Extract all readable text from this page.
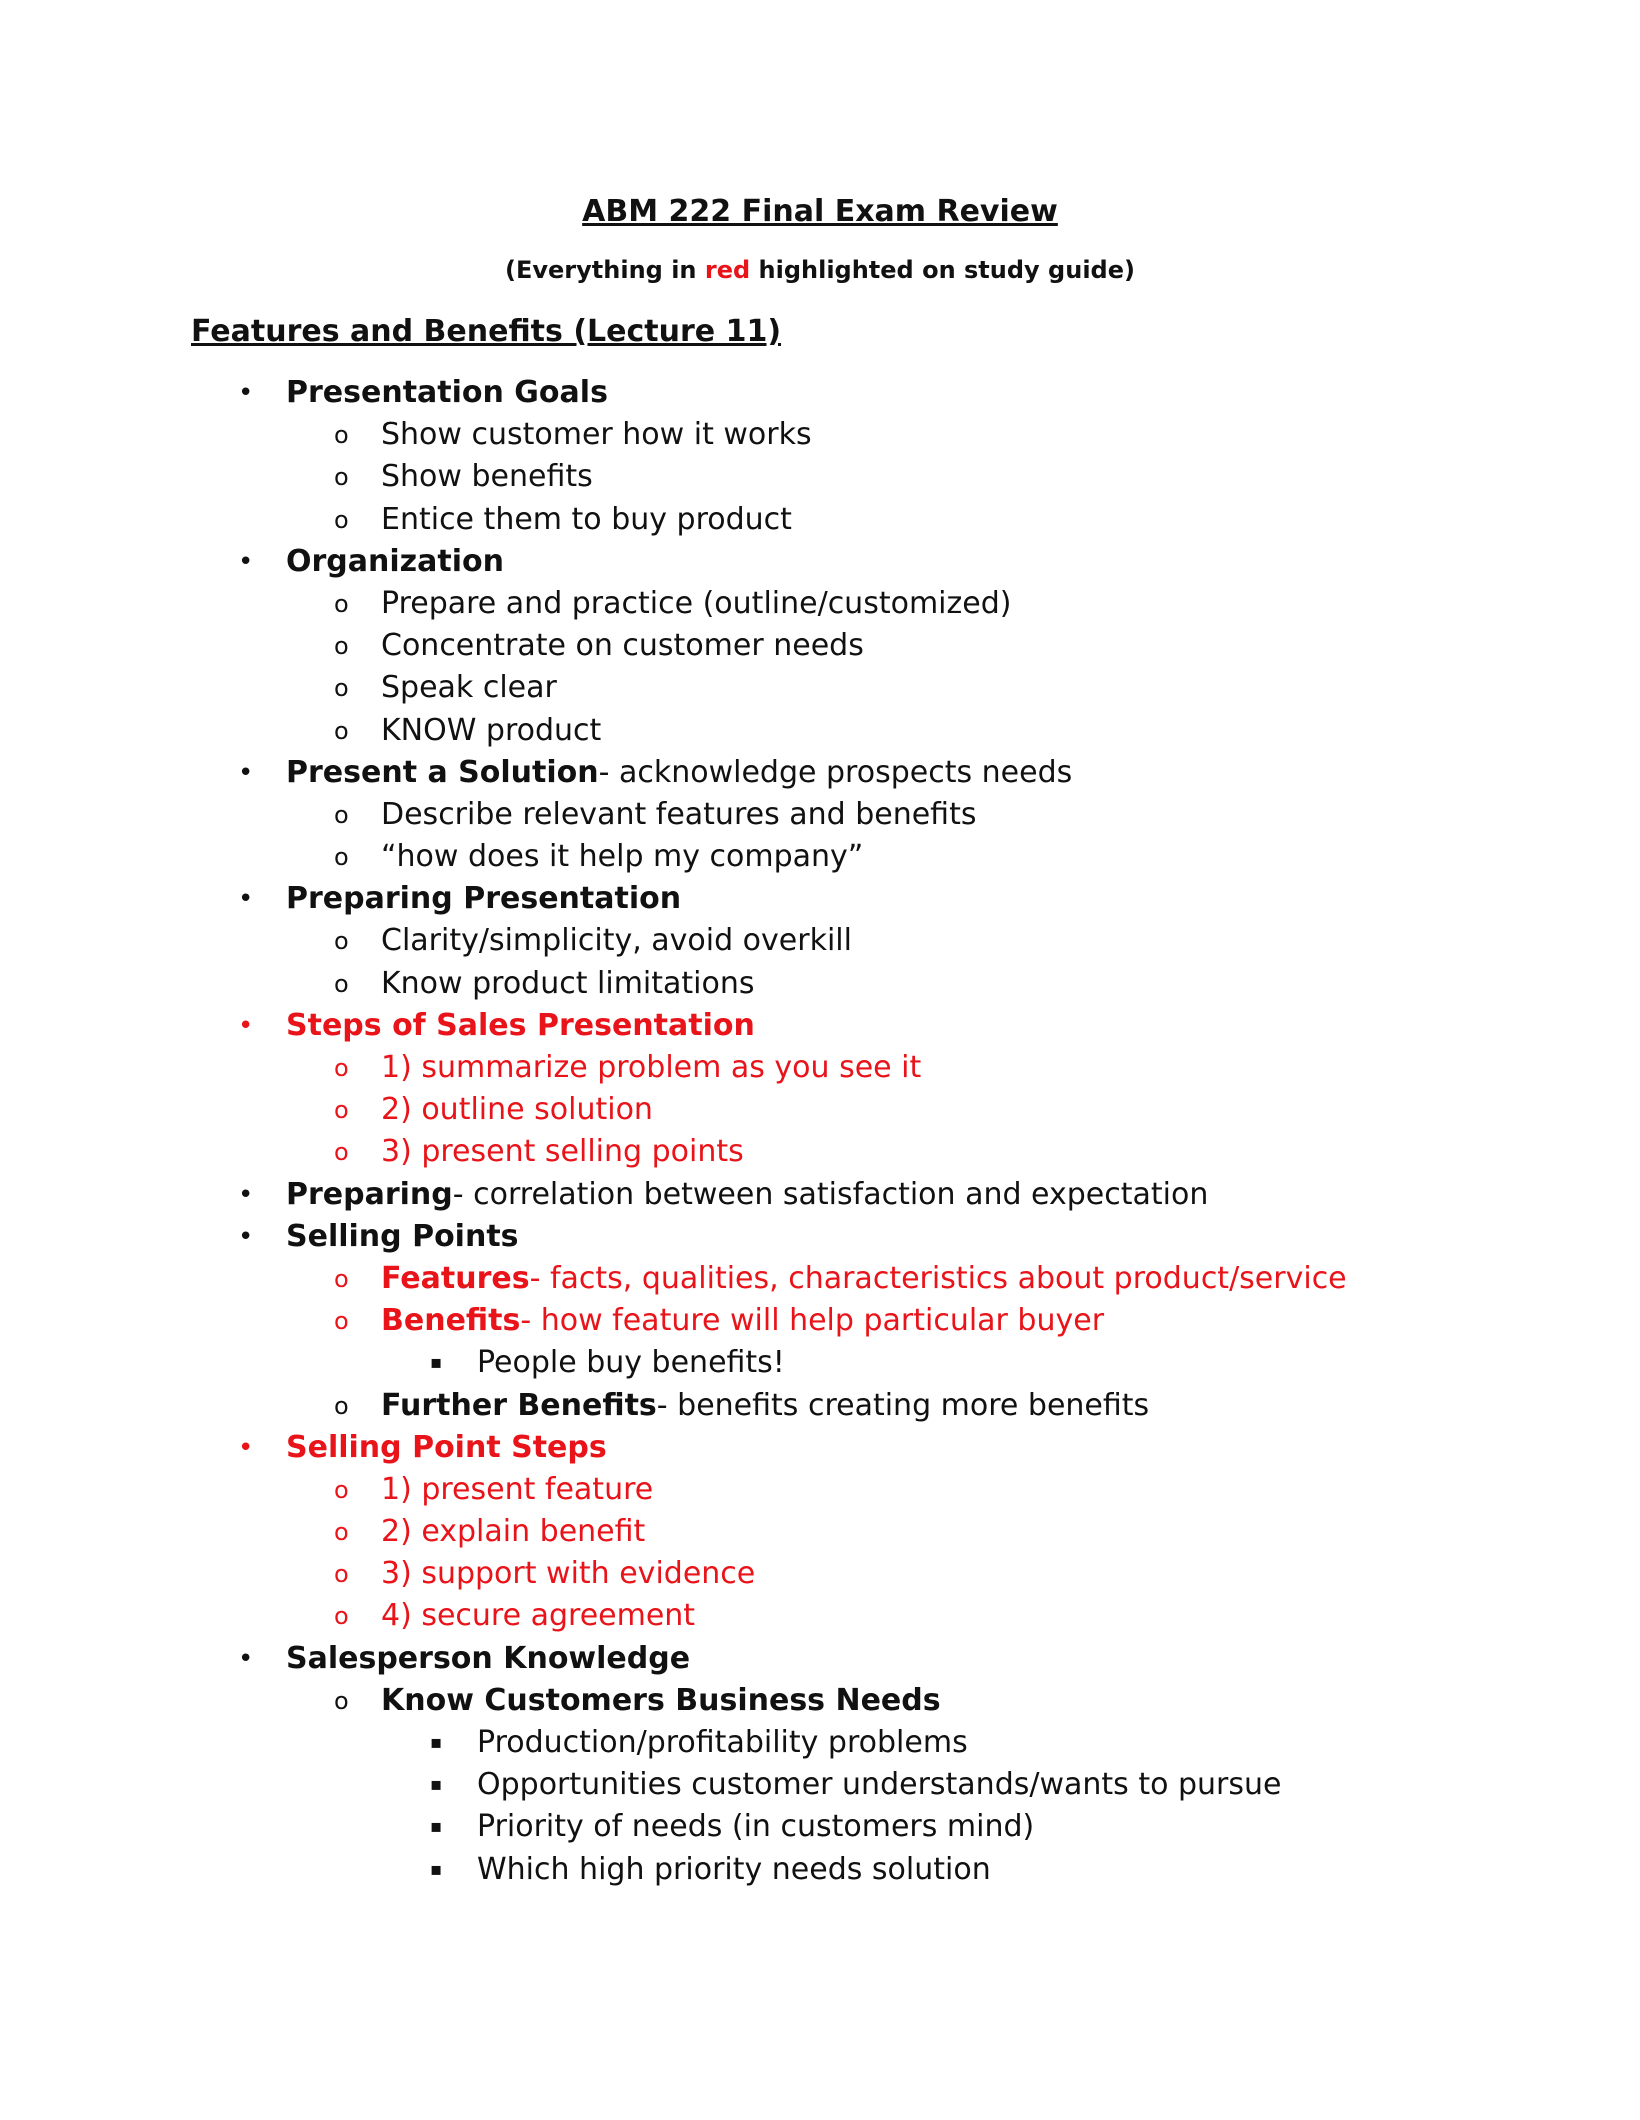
ABM 222 Final Exam Review
(Everything in red highlighted on study guide)
Features and Benefits (Lecture 11)
• Presentation Goals
o Show customer how it works
o Show benefits
o Entice them to buy product
• Organization
o Prepare and practice (outline/customized)
o Concentrate on customer needs
o Speak clear
o KNOW product
• Present a Solution- acknowledge prospects needs
o Describe relevant features and benefits
o “how does it help my company”
• Preparing Presentation
o Clarity/simplicity, avoid overkill
o Know product limitations
• Steps of Sales Presentation
o 1) summarize problem as you see it
o 2) outline solution
o 3) present selling points
• Preparing- correlation between satisfaction and expectation
• Selling Points
o Features- facts, qualities, characteristics about product/service
o Benefits- how feature will help particular buyer
▪ People buy benefits!
o Further Benefits- benefits creating more benefits
• Selling Point Steps
o 1) present feature
o 2) explain benefit
o 3) support with evidence
o 4) secure agreement
• Salesperson Knowledge
o Know Customers Business Needs
▪ Production/profitability problems
▪ Opportunities customer understands/wants to pursue
▪ Priority of needs (in customers mind)
▪ Which high priority needs solution
